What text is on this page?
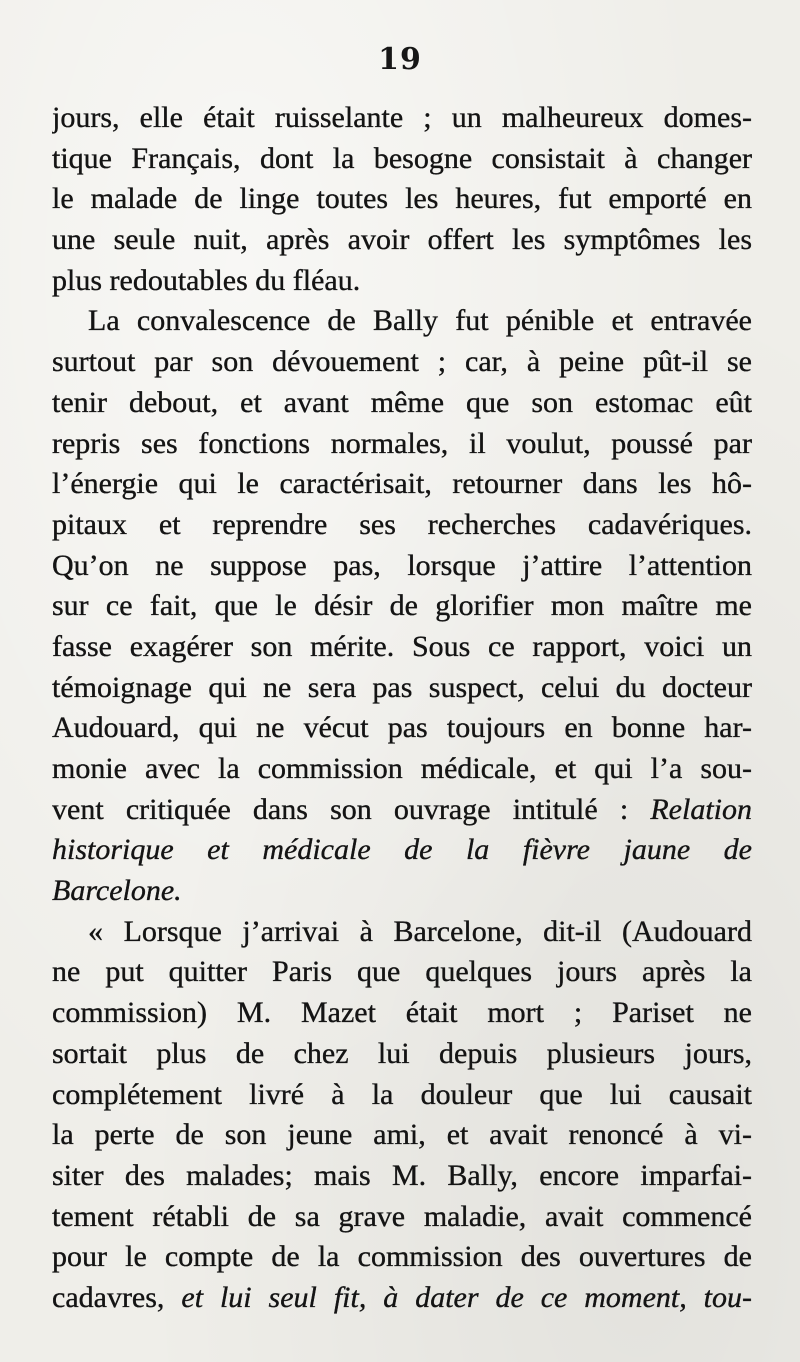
19
jours, elle était ruisselante ; un malheureux domes-
tique Français, dont la besogne consistait à changer
le malade de linge toutes les heures, fut emporté en
une seule nuit, après avoir offert les symptômes les
plus redoutables du fléau.
La convalescence de Bally fut pénible et entravée
surtout par son dévouement ; car, à peine pût-il se
tenir debout, et avant même que son estomac eût
repris ses fonctions normales, il voulut, poussé par
l’énergie qui le caractérisait, retourner dans les hô-
pitaux et reprendre ses recherches cadavériques.
Qu’on ne suppose pas, lorsque j’attire l’attention
sur ce fait, que le désir de glorifier mon maître me
fasse exagérer son mérite. Sous ce rapport, voici un
témoignage qui ne sera pas suspect, celui du docteur
Audouard, qui ne vécut pas toujours en bonne har-
monie avec la commission médicale, et qui l’a sou-
vent critiquée dans son ouvrage intitulé : Relation
historique et médicale de la fièvre jaune de
Barcelone.
« Lorsque j’arrivai à Barcelone, dit-il (Audouard
ne put quitter Paris que quelques jours après la
commission) M. Mazet était mort ; Pariset ne
sortait plus de chez lui depuis plusieurs jours,
complétement livré à la douleur que lui causait
la perte de son jeune ami, et avait renoncé à vi-
siter des malades; mais M. Bally, encore imparfai-
tement rétabli de sa grave maladie, avait commencé
pour le compte de la commission des ouvertures de
cadavres, et lui seul fit, à dater de ce moment, tou-
